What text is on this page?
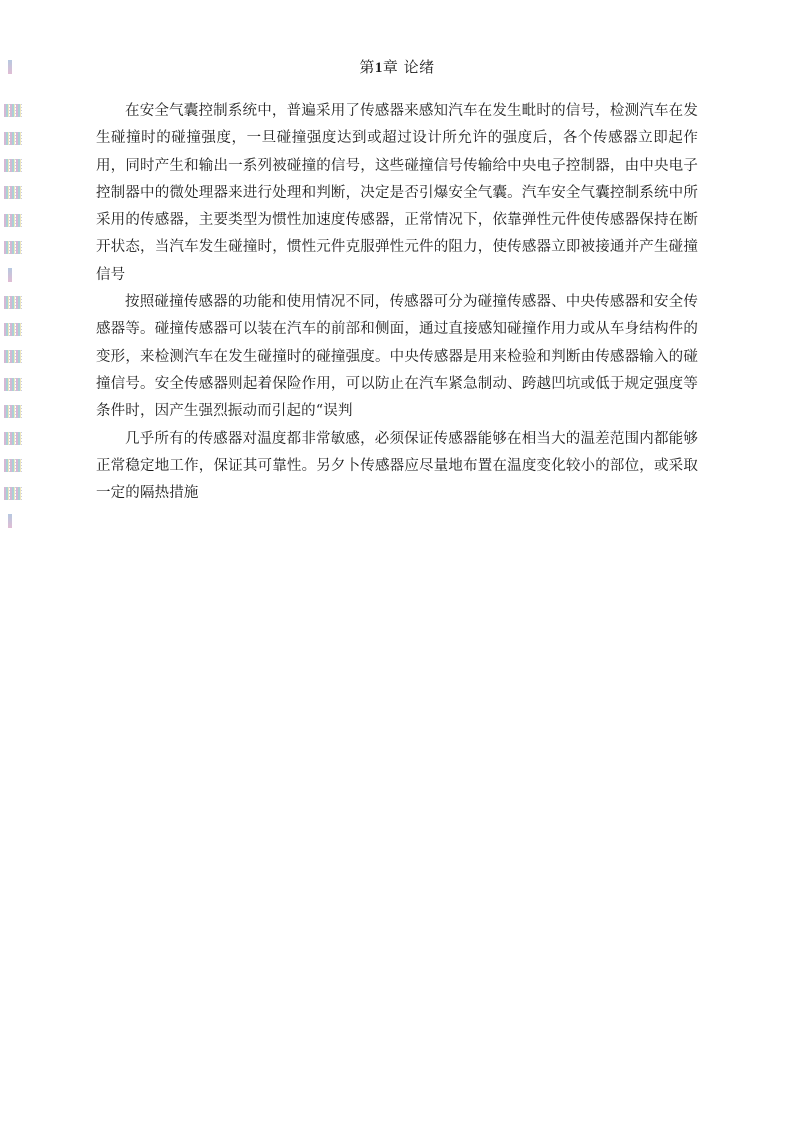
第1章 论绪

在安全气囊控制系统中，普遍采用了传感器来感知汽车在发生毗时的信号，检测汽车在发生碰撞时的碰撞强度，一旦碰撞强度达到或超过设计所允许的强度后，各个传感器立即起作用，同时产生和输出一系列被碰撞的信号，这些碰撞信号传输给中央电子控制器，由中央电子控制器中的微处理器来进行处理和判断，决定是否引爆安全气囊。汽车安全气囊控制系统中所采用的传感器，主要类型为惯性加速度传感器，正常情况下，依靠弹性元件使传感器保持在断开状态，当汽车发生碰撞时，惯性元件克服弹性元件的阻力，使传感器立即被接通并产生碰撞信号

按照碰撞传感器的功能和使用情况不同，传感器可分为碰撞传感器、中央传感器和安全传感器等。碰撞传感器可以装在汽车的前部和侧面，通过直接感知碰撞作用力或从车身结构件的变形，来检测汽车在发生碰撞时的碰撞强度。中央传感器是用来检验和判断由传感器输入的碰撞信号。安全传感器则起着保险作用，可以防止在汽车紧急制动、跨越凹坑或低于规定强度等条件时，因产生强烈振动而引起的“误判

几乎所有的传感器对温度都非常敏感，必须保证传感器能够在相当大的温差范围内都能够正常稳定地工作，保证其可靠性。另夕卜传感器应尽量地布置在温度变化较小的部位，或采取一定的隔热措施
